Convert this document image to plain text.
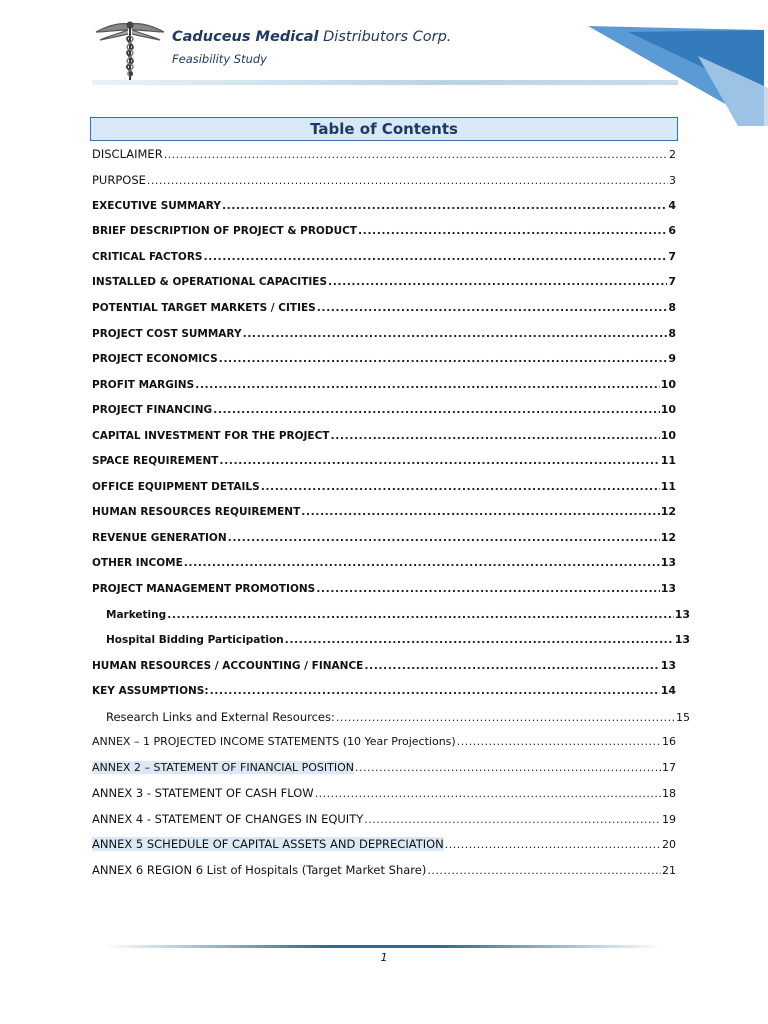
Caduceus Medical Distributors Corp.
Feasibility Study
Table of Contents
DISCLAIMER .....	2
PURPOSE .....	3
EXECUTIVE SUMMARY .....	4
BRIEF DESCRIPTION OF PROJECT & PRODUCT .....	6
CRITICAL FACTORS .....	7
INSTALLED & OPERATIONAL CAPACITIES .....	7
POTENTIAL TARGET MARKETS / CITIES .....	8
PROJECT COST SUMMARY .....	8
PROJECT ECONOMICS .....	9
PROFIT MARGINS .....	10
PROJECT FINANCING .....	10
CAPITAL INVESTMENT FOR THE PROJECT .....	10
SPACE REQUIREMENT .....	11
OFFICE EQUIPMENT DETAILS .....	11
HUMAN RESOURCES REQUIREMENT .....	12
REVENUE GENERATION .....	12
OTHER INCOME .....	13
PROJECT MANAGEMENT PROMOTIONS .....	13
Marketing .....	13
Hospital Bidding Participation .....	13
HUMAN RESOURCES / ACCOUNTING / FINANCE .....	13
KEY ASSUMPTIONS: .....	14
Research Links and External Resources: .....	15
ANNEX – 1 PROJECTED INCOME STATEMENTS (10 Year Projections) .....	16
ANNEX 2 – STATEMENT OF FINANCIAL POSITION .....	17
ANNEX 3 - STATEMENT OF CASH FLOW .....	18
ANNEX 4 - STATEMENT OF CHANGES IN EQUITY .....	19
ANNEX 5 SCHEDULE OF CAPITAL ASSETS AND DEPRECIATION .....	20
ANNEX 6 REGION 6 List of Hospitals (Target Market Share) .....	21
1
